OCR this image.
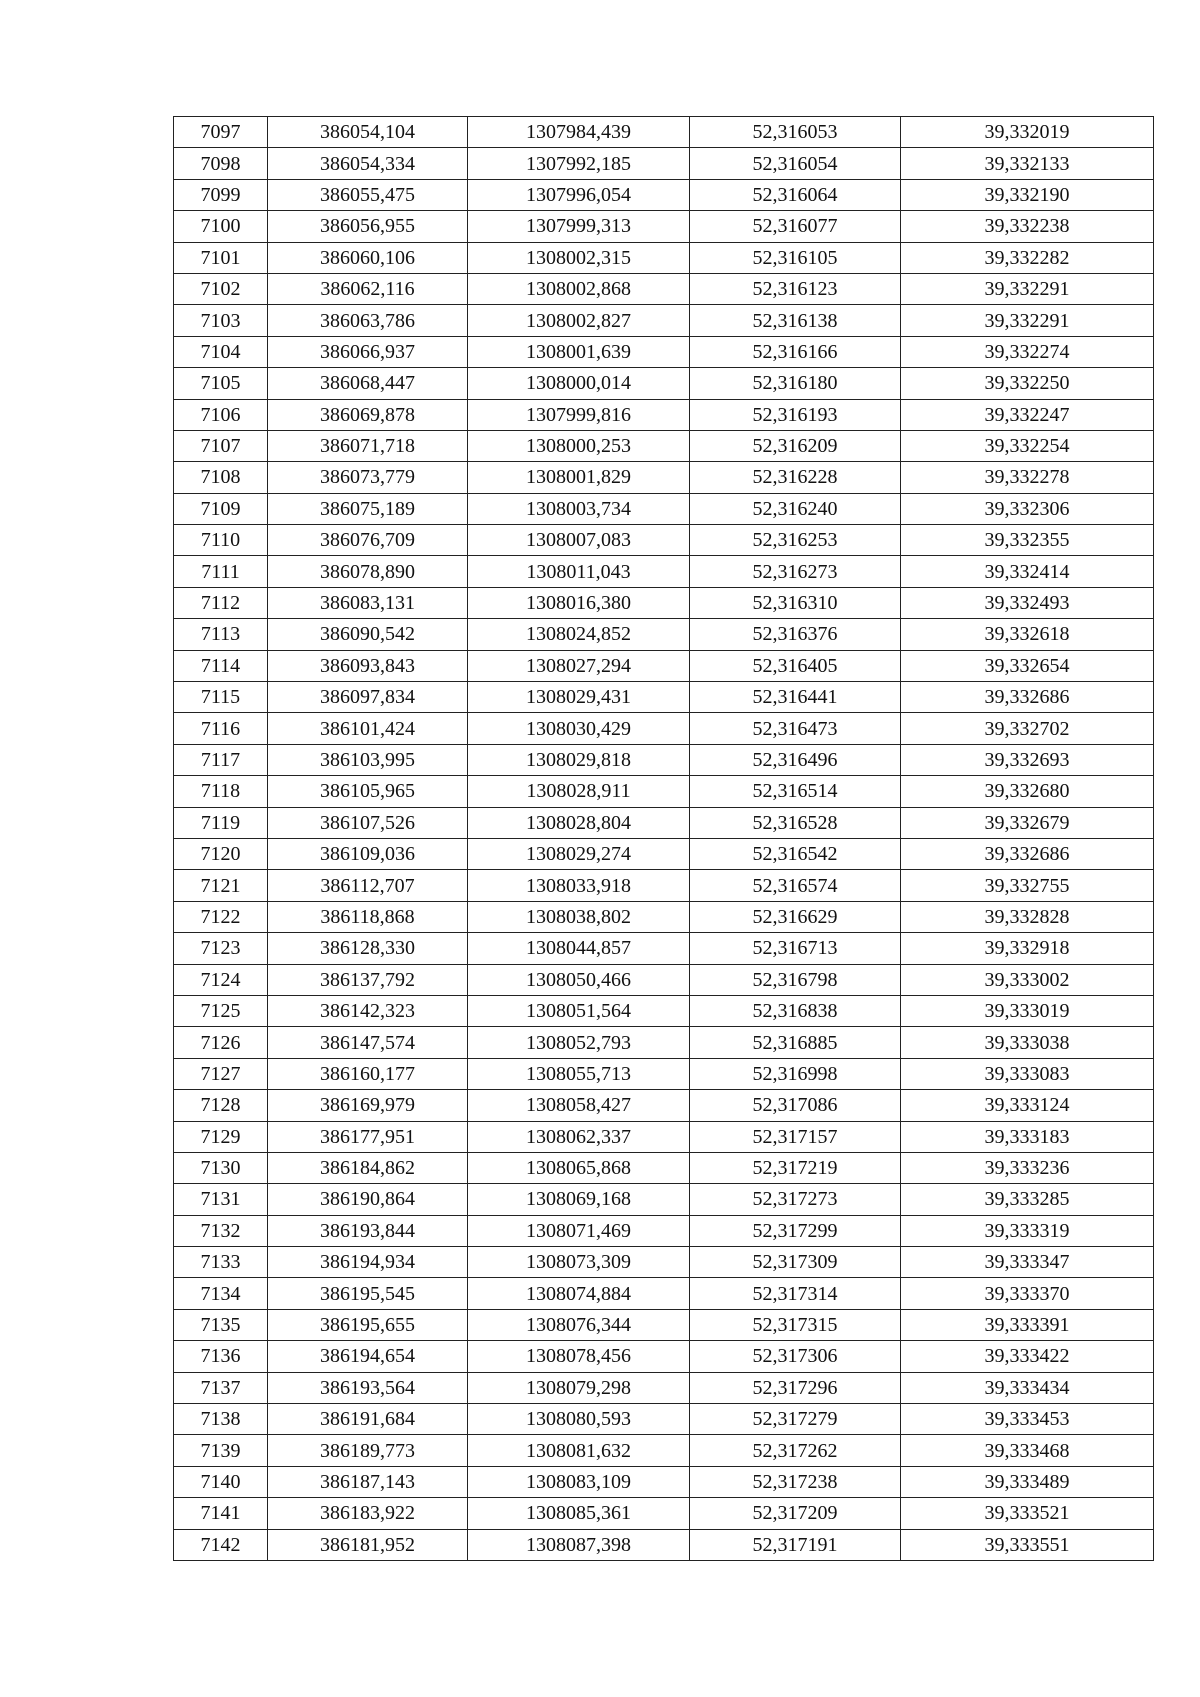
7097	386054,104	1307984,439	52,316053	39,332019
7098	386054,334	1307992,185	52,316054	39,332133
7099	386055,475	1307996,054	52,316064	39,332190
7100	386056,955	1307999,313	52,316077	39,332238
7101	386060,106	1308002,315	52,316105	39,332282
7102	386062,116	1308002,868	52,316123	39,332291
7103	386063,786	1308002,827	52,316138	39,332291
7104	386066,937	1308001,639	52,316166	39,332274
7105	386068,447	1308000,014	52,316180	39,332250
7106	386069,878	1307999,816	52,316193	39,332247
7107	386071,718	1308000,253	52,316209	39,332254
7108	386073,779	1308001,829	52,316228	39,332278
7109	386075,189	1308003,734	52,316240	39,332306
7110	386076,709	1308007,083	52,316253	39,332355
7111	386078,890	1308011,043	52,316273	39,332414
7112	386083,131	1308016,380	52,316310	39,332493
7113	386090,542	1308024,852	52,316376	39,332618
7114	386093,843	1308027,294	52,316405	39,332654
7115	386097,834	1308029,431	52,316441	39,332686
7116	386101,424	1308030,429	52,316473	39,332702
7117	386103,995	1308029,818	52,316496	39,332693
7118	386105,965	1308028,911	52,316514	39,332680
7119	386107,526	1308028,804	52,316528	39,332679
7120	386109,036	1308029,274	52,316542	39,332686
7121	386112,707	1308033,918	52,316574	39,332755
7122	386118,868	1308038,802	52,316629	39,332828
7123	386128,330	1308044,857	52,316713	39,332918
7124	386137,792	1308050,466	52,316798	39,333002
7125	386142,323	1308051,564	52,316838	39,333019
7126	386147,574	1308052,793	52,316885	39,333038
7127	386160,177	1308055,713	52,316998	39,333083
7128	386169,979	1308058,427	52,317086	39,333124
7129	386177,951	1308062,337	52,317157	39,333183
7130	386184,862	1308065,868	52,317219	39,333236
7131	386190,864	1308069,168	52,317273	39,333285
7132	386193,844	1308071,469	52,317299	39,333319
7133	386194,934	1308073,309	52,317309	39,333347
7134	386195,545	1308074,884	52,317314	39,333370
7135	386195,655	1308076,344	52,317315	39,333391
7136	386194,654	1308078,456	52,317306	39,333422
7137	386193,564	1308079,298	52,317296	39,333434
7138	386191,684	1308080,593	52,317279	39,333453
7139	386189,773	1308081,632	52,317262	39,333468
7140	386187,143	1308083,109	52,317238	39,333489
7141	386183,922	1308085,361	52,317209	39,333521
7142	386181,952	1308087,398	52,317191	39,333551
